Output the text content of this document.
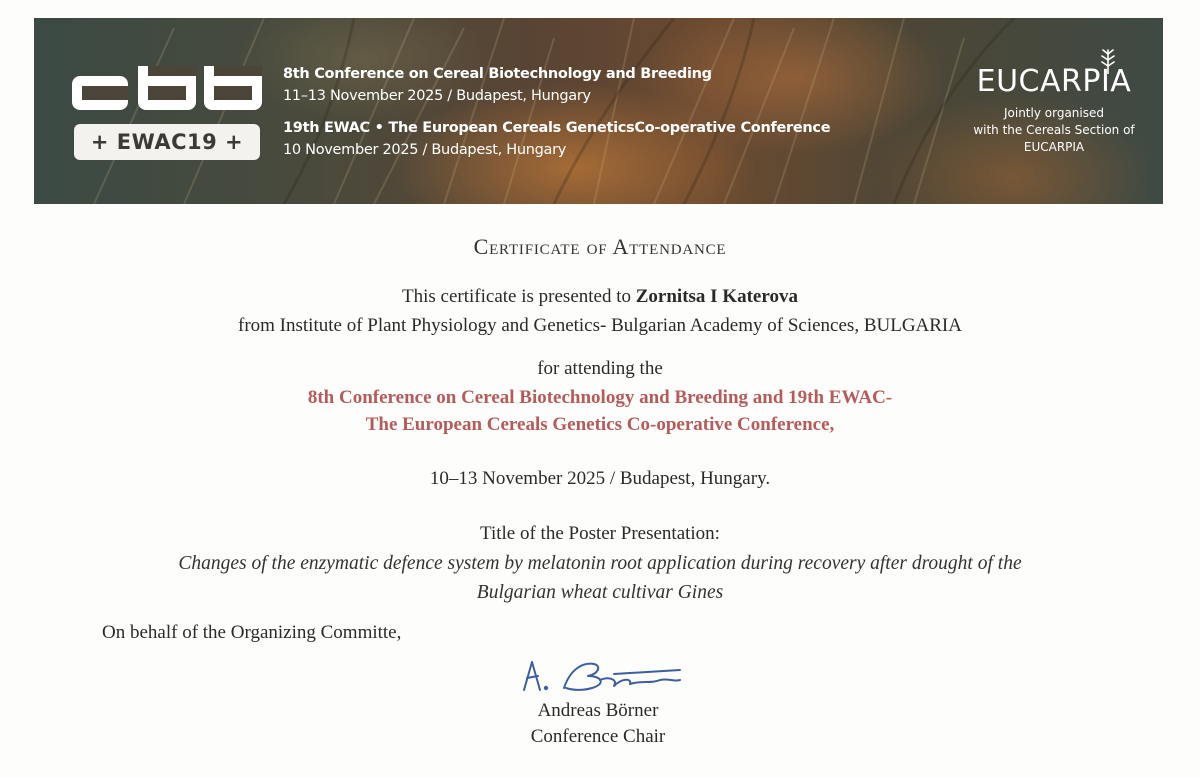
+ EWAC19 +
8th Conference on Cereal Biotechnology and Breeding
11–13 November 2025 / Budapest, Hungary
19th EWAC • The European Cereals GeneticsCo-operative Conference
10 November 2025 / Budapest, Hungary
EUCARPIA
Jointly organised
with the Cereals Section of
EUCARPIA
Certificate of Attendance
This certificate is presented to Zornitsa I Katerova
from Institute of Plant Physiology and Genetics- Bulgarian Academy of Sciences, BULGARIA
for attending the
8th Conference on Cereal Biotechnology and Breeding and 19th EWAC-
The European Cereals Genetics Co-operative Conference,
10–13 November 2025 / Budapest, Hungary.
Title of the Poster Presentation:
Changes of the enzymatic defence system by melatonin root application during recovery after drought of the
Bulgarian wheat cultivar Gines
On behalf of the Organizing Committe,
Andreas Börner
Conference Chair
